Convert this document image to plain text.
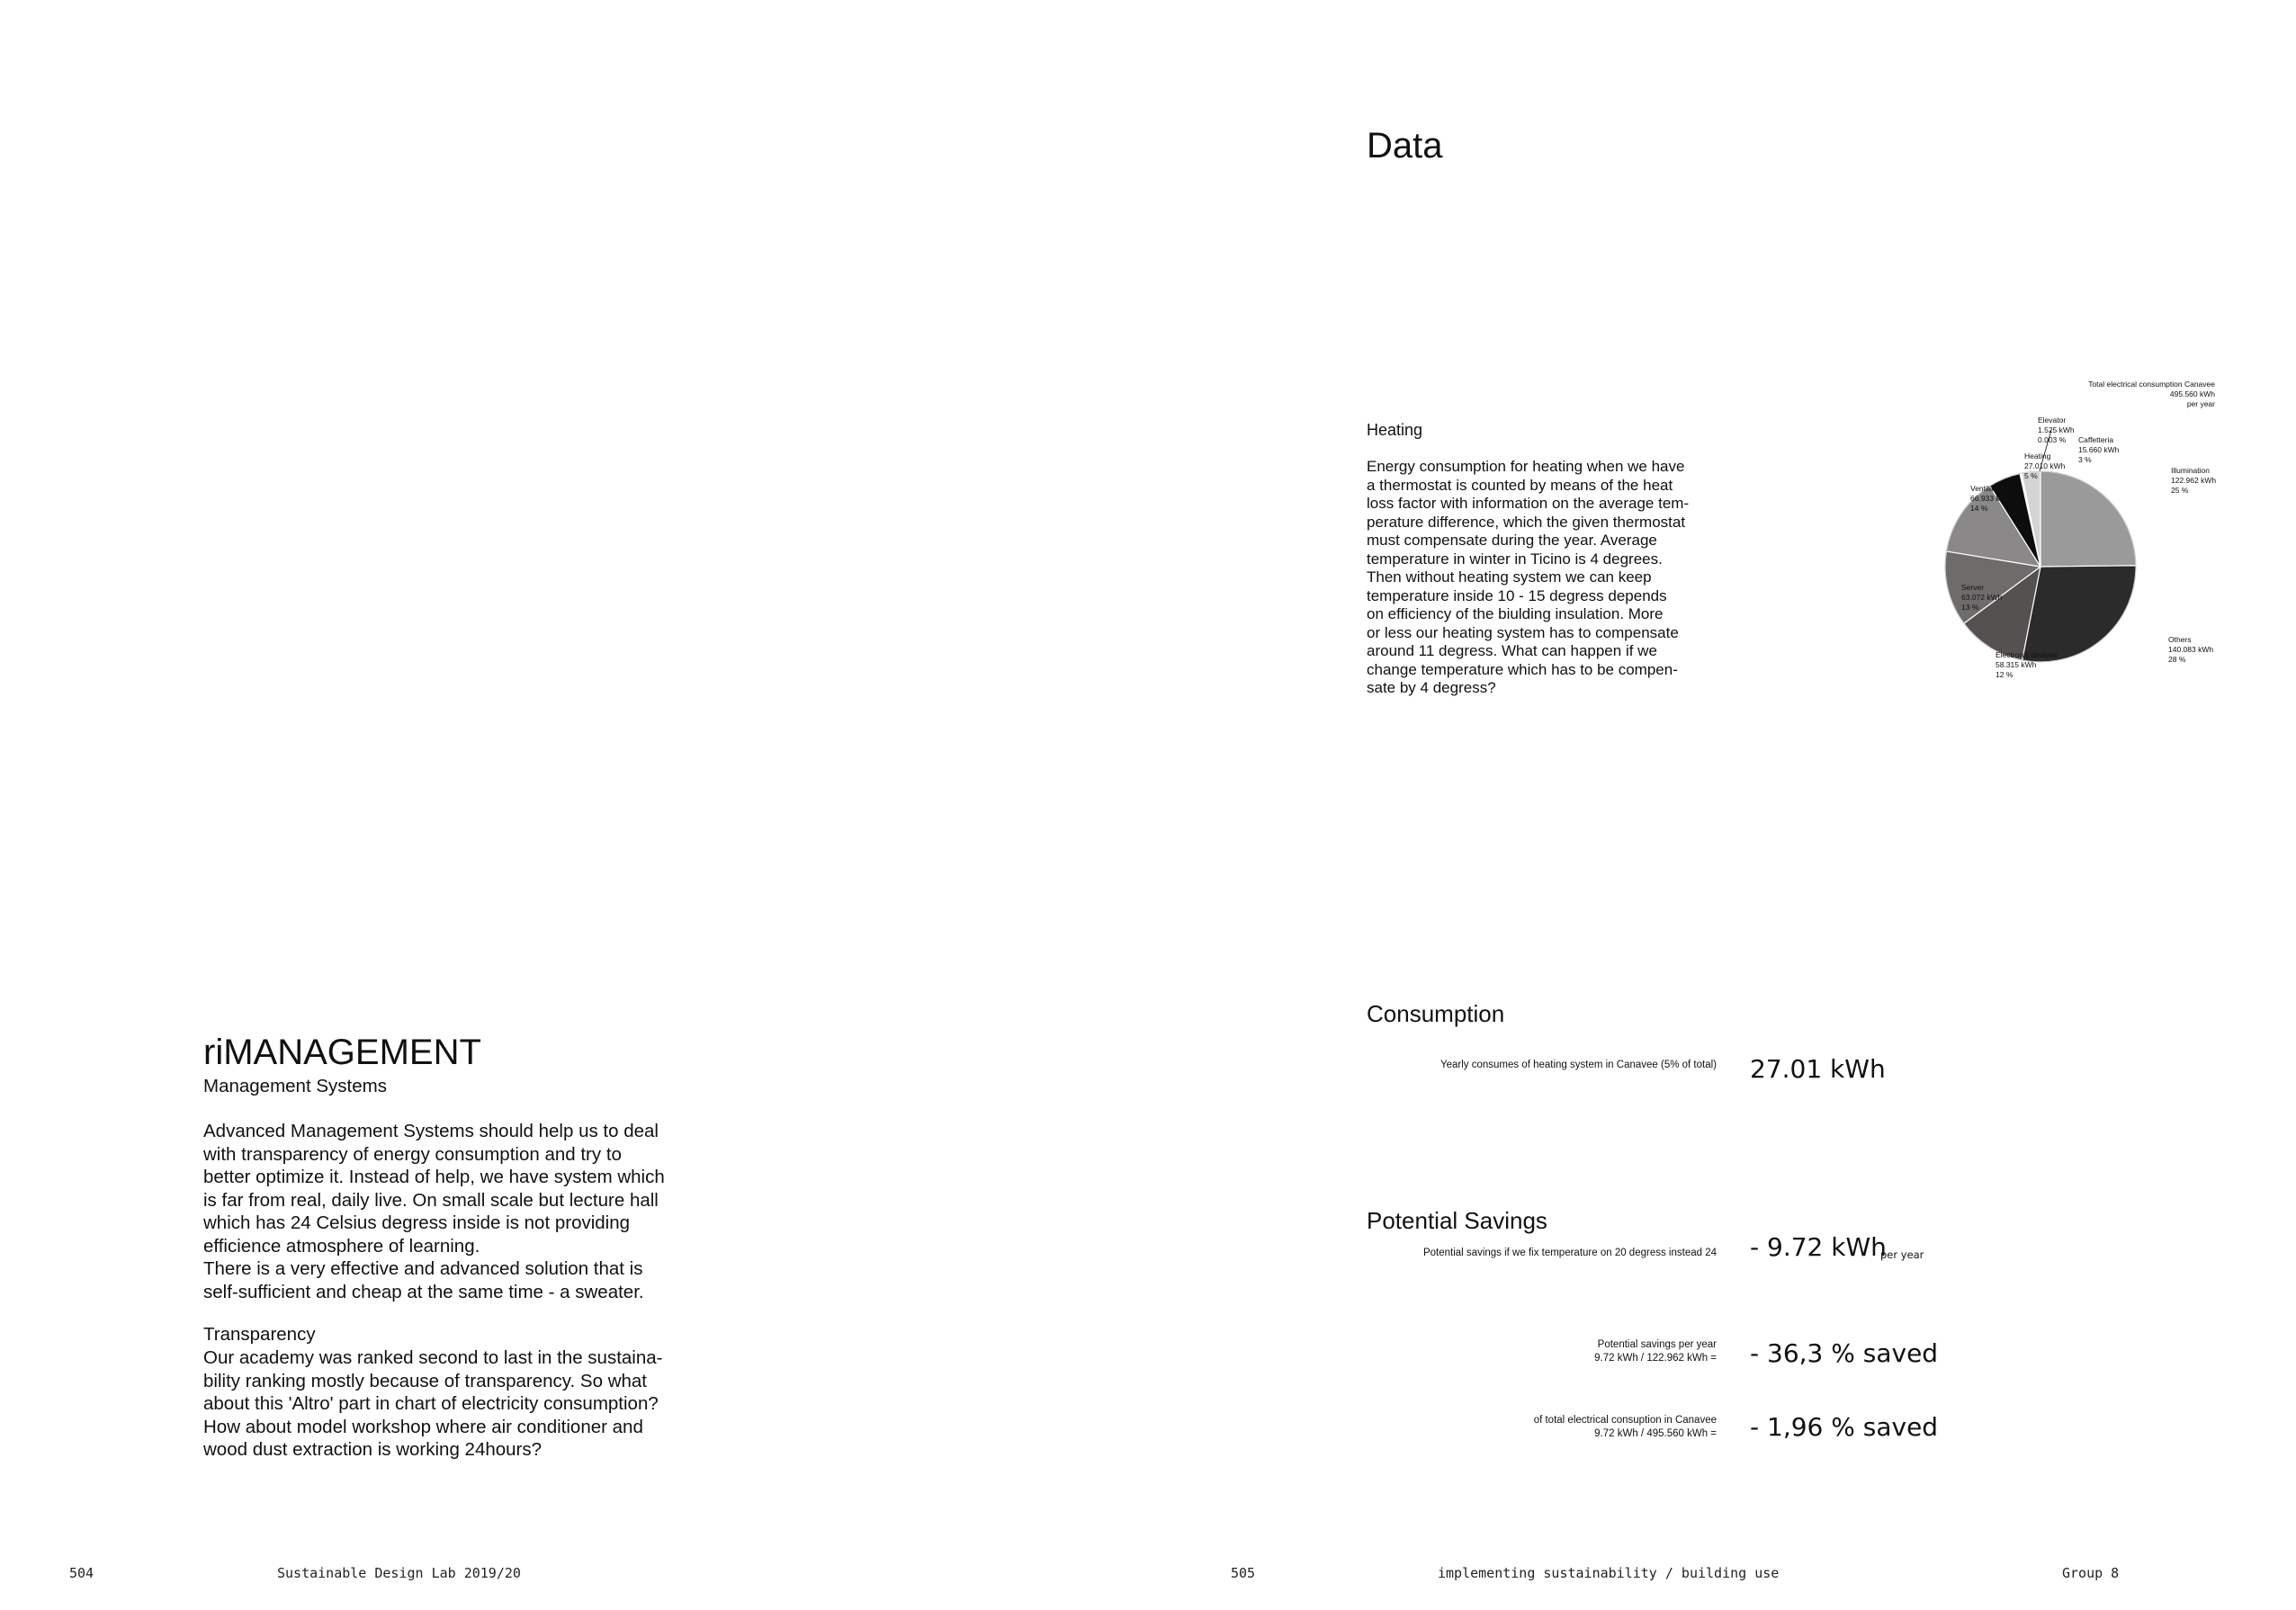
riMANAGEMENT
Management Systems
Advanced Management Systems should help us to deal
with transparency of energy consumption and try to
better optimize it. Instead of help, we have system which
is far from real, daily live. On small scale but lecture hall
which has 24 Celsius degress inside is not providing
efficience atmosphere of learning.
There is a very effective and advanced solution that is
self-sufficient and cheap at the same time - a sweater.
Transparency
Our academy was ranked second to last in the sustaina-
bility ranking mostly because of transparency. So what
about this 'Altro' part in chart of electricity consumption?
How about model workshop where air conditioner and
wood dust extraction is working 24hours?
504	Sustainable Design Lab 2019/20
Data
Heating
Energy consumption for heating when we have
a thermostat is counted by means of the heat
loss factor with information on the average tem-
perature difference, which the given thermostat
must compensate during the year. Average
temperature in winter in Ticino is 4 degrees.
Then without heating system we can keep
temperature inside 10 - 15 degress depends
on efficiency of the biulding insulation. More
or less our heating system has to compensate
around 11 degress. What can happen if we
change temperature which has to be compen-
sate by 4 degress?
Total electrical consumption Canavee
495.560 kWh
per year
Elevator
1.525 kWh
0.003 %	Caffetteria
15.660 kWh
3 %
Heating
27.010 kWh
5 %
Ventilation
66.933 kWh
14 %
Illumination
122.962 kWh
25 %
Server
63.072 kWh
13 %
Electronic devices
58.315 kWh
12 %
Others
140.083 kWh
28 %
Consumption
Yearly consumes of heating system in Canavee (5% of total) 27.01 kWh
Potential Savings
Potential savings if we fix temperature on 20 degress instead 24 - 9.72 kWh
per year
Potential savings per year
9.72 kWh / 122.962 kWh = - 36,3 % saved
of total electrical consuption in Canavee
9.72 kWh / 495.560 kWh = - 1,96 % saved
505	implementing sustainability / building use	Group 8
